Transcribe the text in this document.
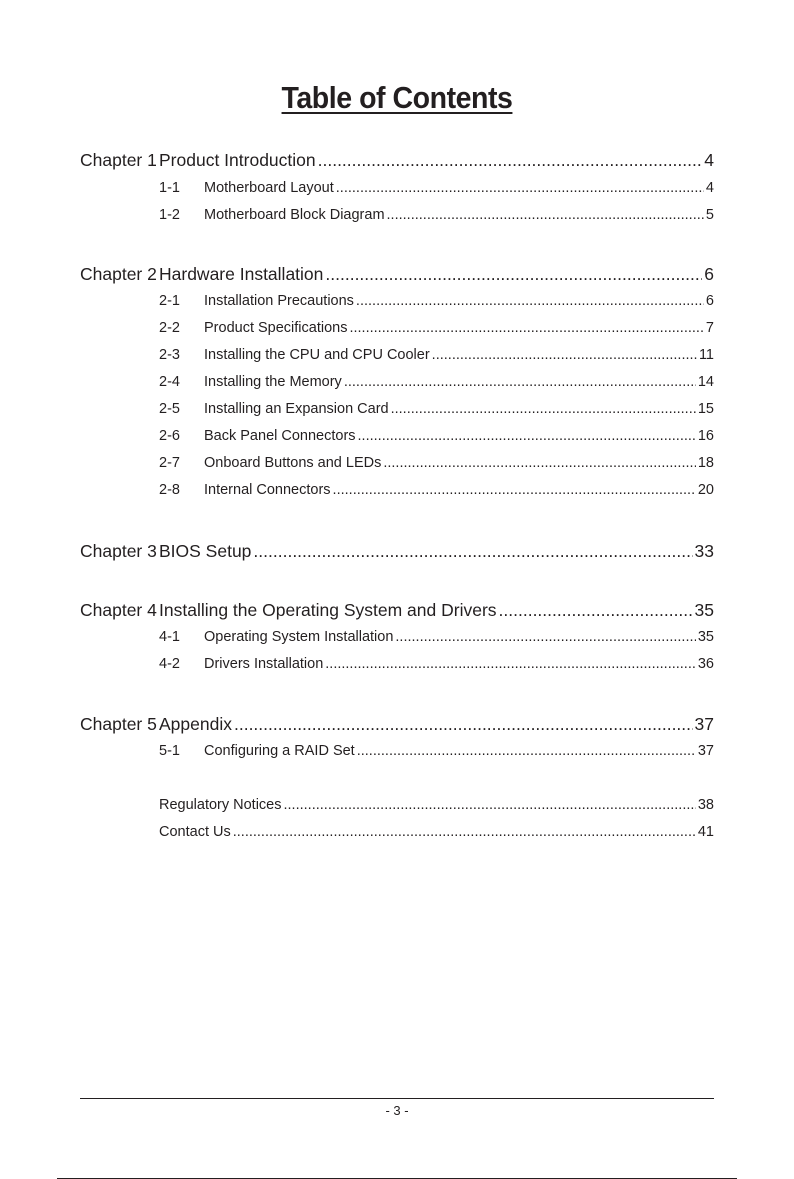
Table of Contents
Chapter 1 Product Introduction .....	4
1-1	Motherboard Layout .....	4
1-2	Motherboard Block Diagram .....	5
Chapter 2 Hardware Installation .....	6
2-1	Installation Precautions .....	6
2-2	Product Specifications .....	7
2-3	Installing the CPU and CPU Cooler .....	11
2-4	Installing the Memory .....	14
2-5	Installing an Expansion Card .....	15
2-6	Back Panel Connectors .....	16
2-7	Onboard Buttons and LEDs .....	18
2-8	Internal Connectors .....	20
Chapter 3 BIOS Setup .....	33
Chapter 4 Installing the Operating System and Drivers .....	35
4-1	Operating System Installation .....	35
4-2	Drivers Installation .....	36
Chapter 5 Appendix .....	37
5-1	Configuring a RAID Set .....	37
Regulatory Notices .....	38
Contact Us .....	41
- 3 -
